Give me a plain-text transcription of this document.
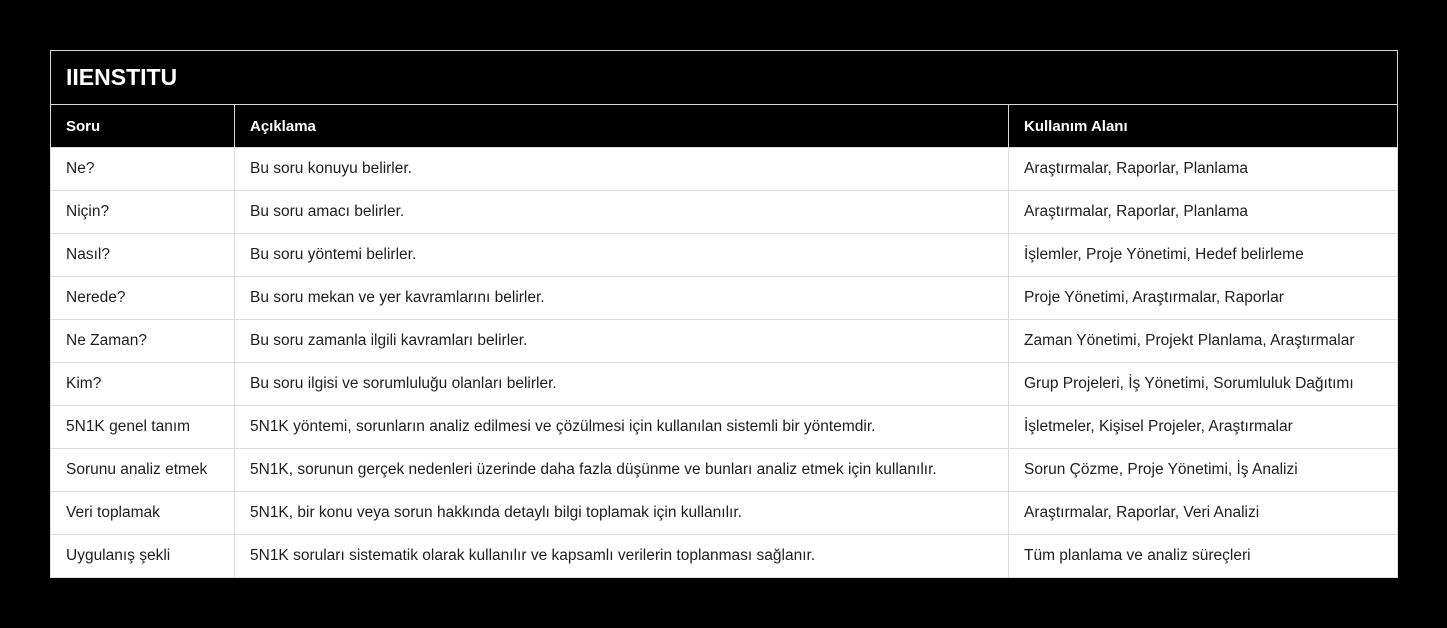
IIENSTITU		
Soru	Açıklama	Kullanım Alanı
Ne?	Bu soru konuyu belirler.	Araştırmalar, Raporlar, Planlama
Niçin?	Bu soru amacı belirler.	Araştırmalar, Raporlar, Planlama
Nasıl?	Bu soru yöntemi belirler.	İşlemler, Proje Yönetimi, Hedef belirleme
Nerede?	Bu soru mekan ve yer kavramlarını belirler.	Proje Yönetimi, Araştırmalar, Raporlar
Ne Zaman?	Bu soru zamanla ilgili kavramları belirler.	Zaman Yönetimi, Projekt Planlama, Araştırmalar
Kim?	Bu soru ilgisi ve sorumluluğu olanları belirler.	Grup Projeleri, İş Yönetimi, Sorumluluk Dağıtımı
5N1K genel tanım	5N1K yöntemi, sorunların analiz edilmesi ve çözülmesi için kullanılan sistemli bir yöntemdir.	İşletmeler, Kişisel Projeler, Araştırmalar
Sorunu analiz etmek	5N1K, sorunun gerçek nedenleri üzerinde daha fazla düşünme ve bunları analiz etmek için kullanılır.	Sorun Çözme, Proje Yönetimi, İş Analizi
Veri toplamak	5N1K, bir konu veya sorun hakkında detaylı bilgi toplamak için kullanılır.	Araştırmalar, Raporlar, Veri Analizi
Uygulanış şekli	5N1K soruları sistematik olarak kullanılır ve kapsamlı verilerin toplanması sağlanır.	Tüm planlama ve analiz süreçleri
